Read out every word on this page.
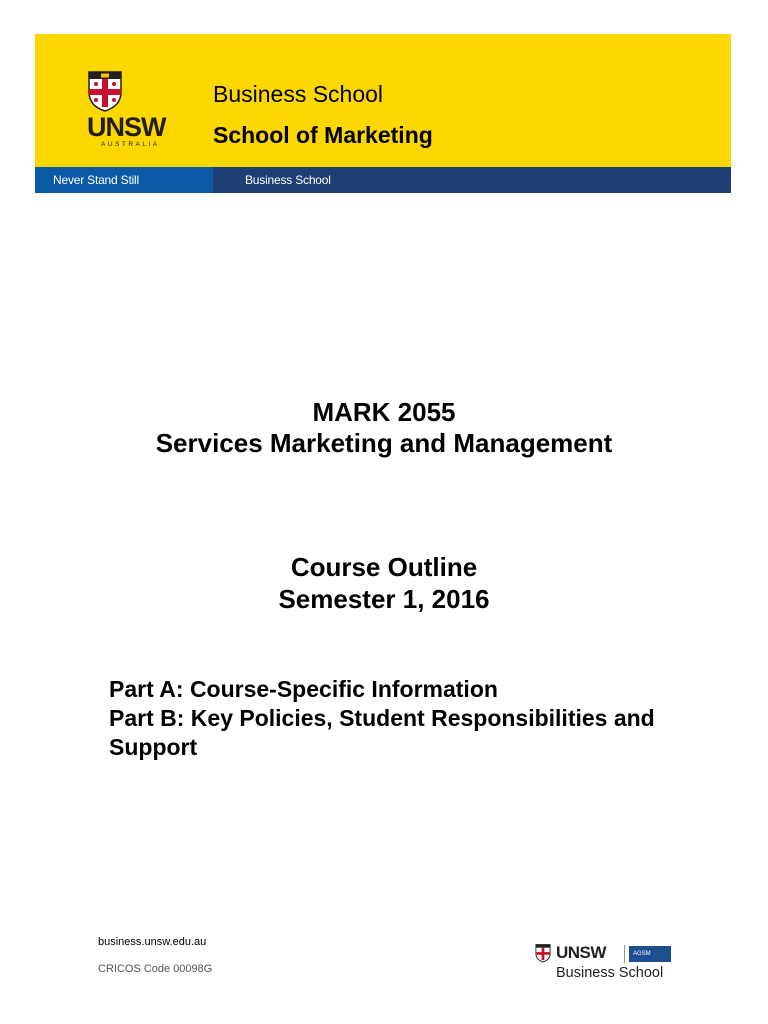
UNSW
AUSTRALIA
Business School
School of Marketing
Never Stand Still	Business School
MARK 2055
Services Marketing and Management
Course Outline
Semester 1, 2016
Part A: Course-Specific Information
Part B: Key Policies, Student Responsibilities and Support
business.unsw.edu.au
CRICOS Code 00098G
UNSW	AGSM
Business School
